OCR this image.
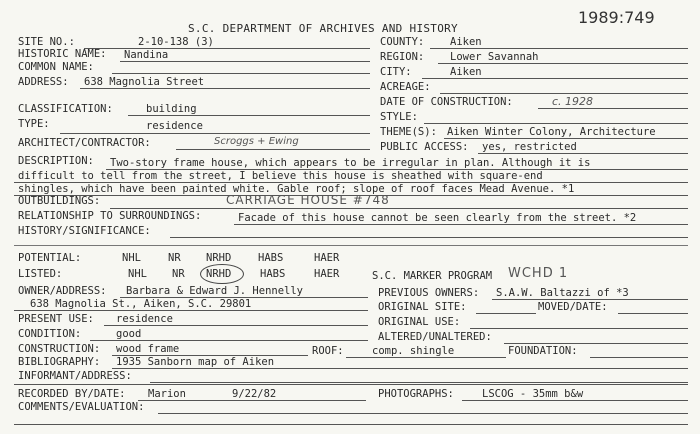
S.C. DEPARTMENT OF ARCHIVES AND HISTORY
1989:749
SITE NO.:	2-10-138 (3)
HISTORIC NAME: Nandina
COMMON NAME:
ADDRESS: 638 Magnolia Street
CLASSIFICATION:	building
TYPE:	residence
ARCHITECT/CONTRACTOR:	Scroggs + Ewing
COUNTY: Aiken
REGION: Lower Savannah
CITY:	Aiken
ACREAGE:
DATE OF CONSTRUCTION:	c. 1928
STYLE:
THEME(S): Aiken Winter Colony, Architecture
PUBLIC ACCESS: yes, restricted
DESCRIPTION: Two-story frame house, which appears to be irregular in plan. Although it is
difficult to tell from the street, I believe this house is sheathed with square-end
shingles, which have been painted white. Gable roof; slope of roof faces Mead Avenue. *1
OUTBUILDINGS:	CARRIAGE HOUSE #748
RELATIONSHIP TO SURROUNDINGS:	Facade of this house cannot be seen clearly from the street. *2
HISTORY/SIGNIFICANCE:
POTENTIAL:	NHL	NR NRHD	HABS	HAER
LISTED:	NHL NR NRHD	HABS	HAER	S.C. MARKER PROGRAM WCHD 1
OWNER/ADDRESS: Barbara & Edward J. Hennelly
638 Magnolia St., Aiken, S.C. 29801
PREVIOUS OWNERS: S.A.W. Baltazzi of *3
ORIGINAL SITE:	MOVED/DATE:
ORIGINAL USE:
ALTERED/UNALTERED:
PRESENT USE: residence
CONDITION:	good
CONSTRUCTION: wood frame	ROOF:	comp. shingle	FOUNDATION:
BIBLIOGRAPHY: 1935 Sanborn map of Aiken
INFORMANT/ADDRESS:
RECORDED BY/DATE: Marion	9/22/82	PHOTOGRAPHS:	LSCOG - 35mm b&w
COMMENTS/EVALUATION:
